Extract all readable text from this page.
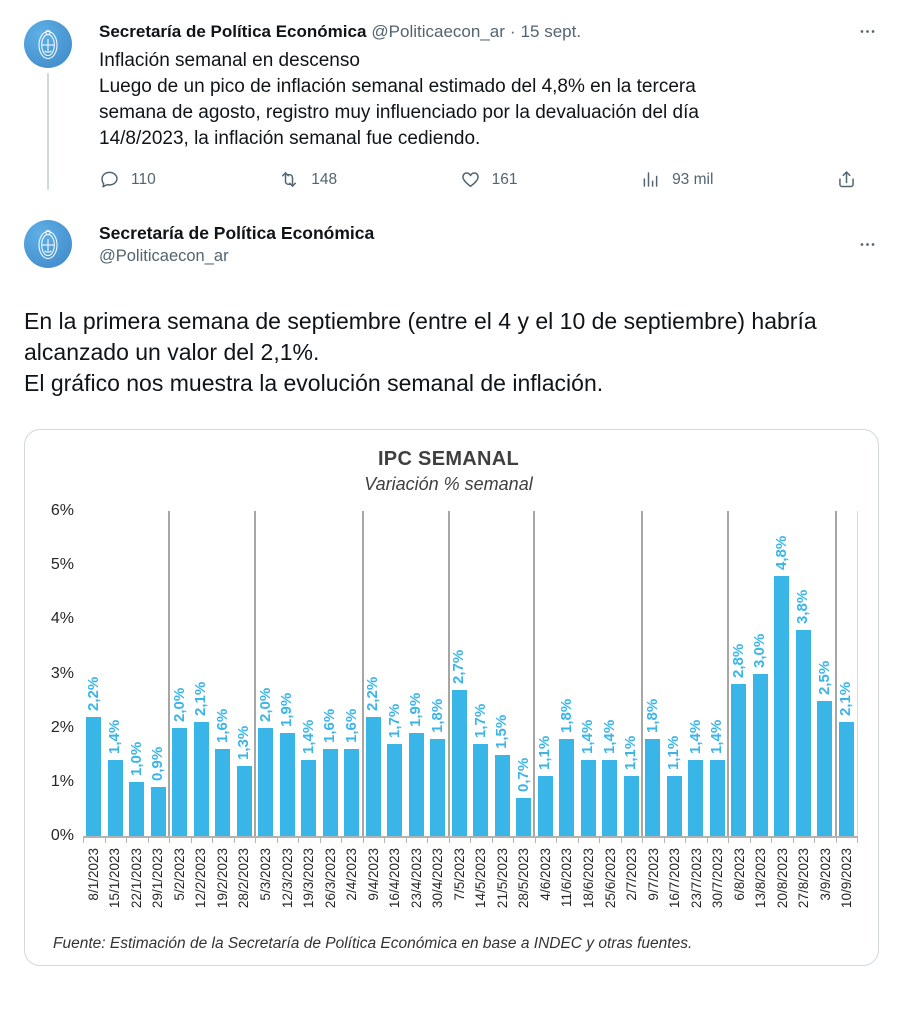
Secretaría de Política Económica @Politicaecon_ar · 15 sept.

Inflación semanal en descenso

Luego de un pico de inflación semanal estimado del 4,8% en la tercera semana de agosto, registro muy influenciado por la devaluación del día 14/8/2023, la inflación semanal fue cediendo.

110	148	161	93 mil
Secretaría de Política Económica
@Politicaecon_ar

En la primera semana de septiembre (entre el 4 y el 10 de septiembre) habría alcanzado un valor del 2,1%.

El gráfico nos muestra la evolución semanal de inflación.

IPC SEMANAL
Variación % semanal
6%
5%
4%
3%
2%
1%
0%
2,2%
1,4%
1,0% 0,9%
2,0% 2,1%
1,6% 1,3%
2,0% 1,9%
1,4% 1,6% 1,6%
2,2%
1,7% 1,9% 1,8%
2,7%
1,7% 1,5%
0,7%
1,1%
1,8%
1,4% 1,4% 1,1%
1,8%
1,1% 1,4% 1,4%
2,8% 3,0%
4,8%
3,8%
2,5%
2,1%
8/1/2023 15/1/2023 22/1/2023 29/1/2023 5/2/2023 12/2/2023 19/2/2023 28/2/2023 5/3/2023 12/3/2023 19/3/2023 26/3/2023 2/4/2023 9/4/2023 16/4/2023 23/4/2023 30/4/2023 7/5/2023 14/5/2023 21/5/2023 28/5/2023 4/6/2023 11/6/2023 18/6/2023 25/6/2023 2/7/2023 9/7/2023 16/7/2023 23/7/2023 30/7/2023 6/8/2023 13/8/2023 20/8/2023 27/8/2023 3/9/2023 10/9/2023
Fuente: Estimación de la Secretaría de Política Económica en base a INDEC y otras fuentes.
